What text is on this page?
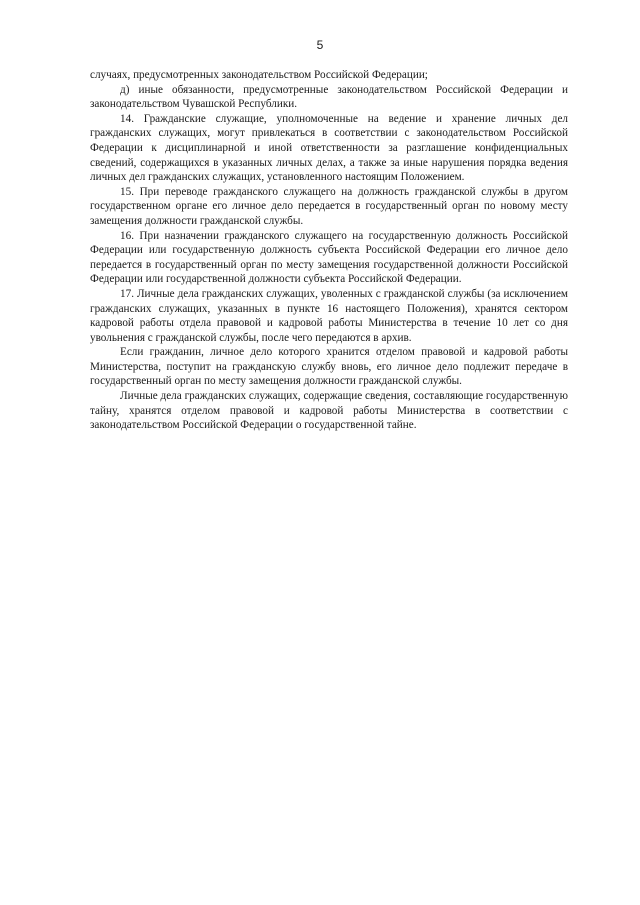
5

случаях, предусмотренных законодательством Российской Федерации;

д) иные обязанности, предусмотренные законодательством Российской Федерации и законодательством Чувашской Республики.

14. Гражданские служащие, уполномоченные на ведение и хранение личных дел гражданских служащих, могут привлекаться в соответствии с законодательством Российской Федерации к дисциплинарной и иной ответственности за разглашение конфиденциальных сведений, содержащихся в указанных личных делах, а также за иные нарушения порядка ведения личных дел гражданских служащих, установленного настоящим Положением.

15. При переводе гражданского служащего на должность гражданской службы в другом государственном органе его личное дело передается в государственный орган по новому месту замещения должности гражданской службы.

16. При назначении гражданского служащего на государственную должность Российской Федерации или государственную должность субъекта Российской Федерации его личное дело передается в государственный орган по месту замещения государственной должности Российской Федерации или государственной должности субъекта Российской Федерации.

17. Личные дела гражданских служащих, уволенных с гражданской службы (за исключением гражданских служащих, указанных в пункте 16 настоящего Положения), хранятся сектором кадровой работы отдела правовой и кадровой работы Министерства в течение 10 лет со дня увольнения с гражданской службы, после чего передаются в архив.

Если гражданин, личное дело которого хранится отделом правовой и кадровой работы Министерства, поступит на гражданскую службу вновь, его личное дело подлежит передаче в государственный орган по месту замещения должности гражданской службы.

Личные дела гражданских служащих, содержащие сведения, составляющие государственную тайну, хранятся отделом правовой и кадровой работы Министерства в соответствии с законодательством Российской Федерации о государственной тайне.
